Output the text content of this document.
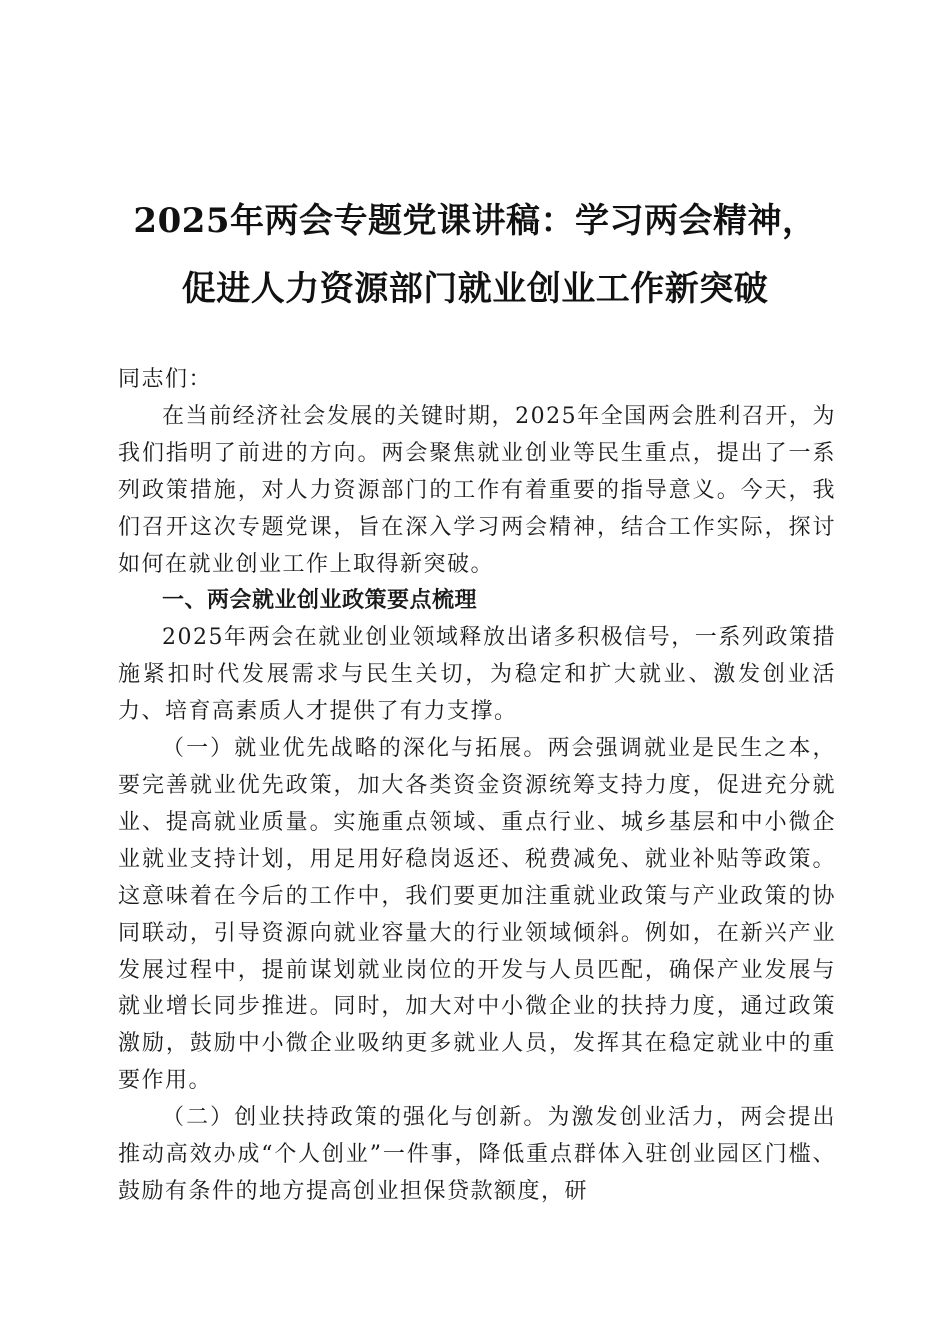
2025年两会专题党课讲稿：学习两会精神，
促进人力资源部门就业创业工作新突破

同志们：

在当前经济社会发展的关键时期，2025年全国两会胜利召开，为我们指明了前进的方向。两会聚焦就业创业等民生重点，提出了一系列政策措施，对人力资源部门的工作有着重要的指导意义。今天，我们召开这次专题党课，旨在深入学习两会精神，结合工作实际，探讨如何在就业创业工作上取得新突破。

一、两会就业创业政策要点梳理

2025年两会在就业创业领域释放出诸多积极信号，一系列政策措施紧扣时代发展需求与民生关切，为稳定和扩大就业、激发创业活力、培育高素质人才提供了有力支撑。

（一）就业优先战略的深化与拓展。两会强调就业是民生之本，要完善就业优先政策，加大各类资金资源统筹支持力度，促进充分就业、提高就业质量。实施重点领域、重点行业、城乡基层和中小微企业就业支持计划，用足用好稳岗返还、税费减免、就业补贴等政策。这意味着在今后的工作中，我们要更加注重就业政策与产业政策的协同联动，引导资源向就业容量大的行业领域倾斜。例如，在新兴产业发展过程中，提前谋划就业岗位的开发与人员匹配，确保产业发展与就业增长同步推进。同时，加大对中小微企业的扶持力度，通过政策激励，鼓励中小微企业吸纳更多就业人员，发挥其在稳定就业中的重要作用。

（二）创业扶持政策的强化与创新。为激发创业活力，两会提出推动高效办成“个人创业”一件事，降低重点群体入驻创业园区门槛、鼓励有条件的地方提高创业担保贷款额度，研
